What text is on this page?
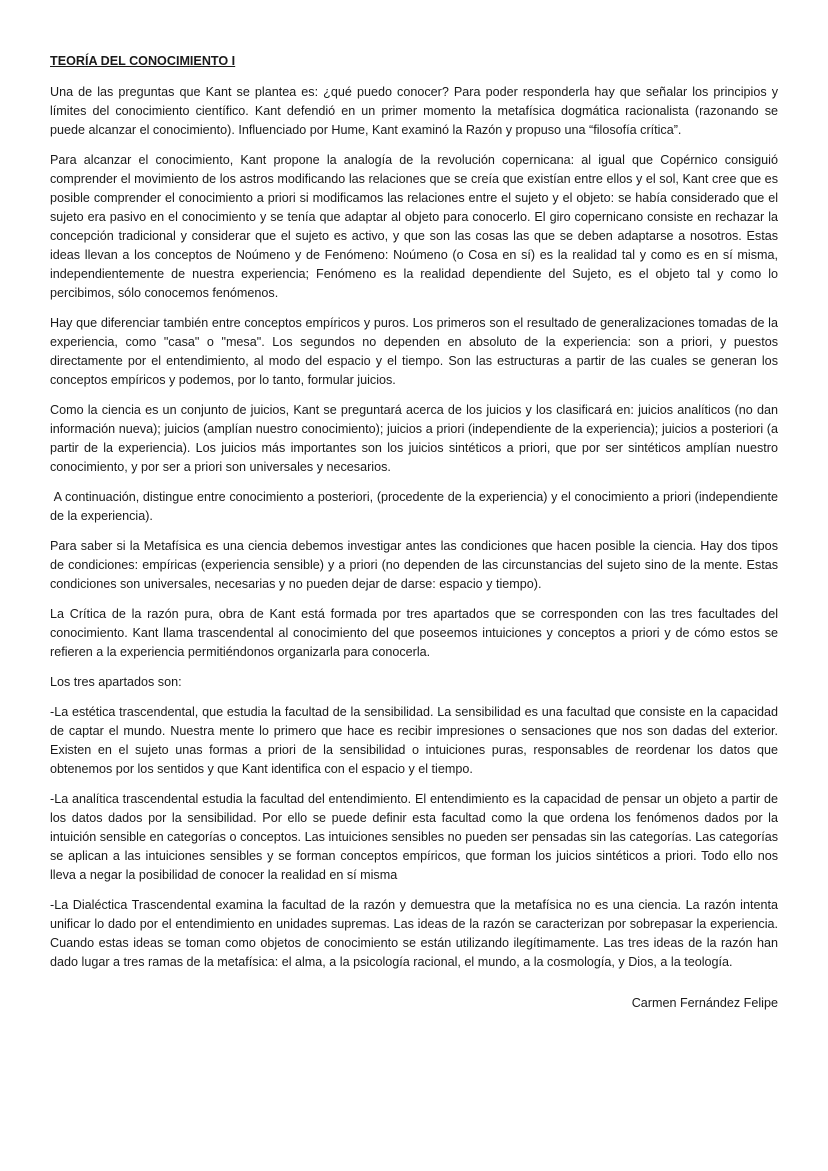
TEORÍA DEL CONOCIMIENTO I

Una de las preguntas que Kant se plantea es: ¿qué puedo conocer? Para poder responderla hay que señalar los principios y límites del conocimiento científico. Kant defendió en un primer momento la metafísica dogmática racionalista (razonando se puede alcanzar el conocimiento). Influenciado por Hume, Kant examinó la Razón y propuso una “filosofía crítica”.

Para alcanzar el conocimiento, Kant propone la analogía de la revolución copernicana: al igual que Copérnico consiguió comprender el movimiento de los astros modificando las relaciones que se creía que existían entre ellos y el sol, Kant cree que es posible comprender el conocimiento a priori si modificamos las relaciones entre el sujeto y el objeto: se había considerado que el sujeto era pasivo en el conocimiento y se tenía que adaptar al objeto para conocerlo. El giro copernicano consiste en rechazar la concepción tradicional y considerar que el sujeto es activo, y que son las cosas las que se deben adaptarse a nosotros. Estas ideas llevan a los conceptos de Noúmeno y de Fenómeno: Noúmeno (o Cosa en sí) es la realidad tal y como es en sí misma, independientemente de nuestra experiencia; Fenómeno es la realidad dependiente del Sujeto, es el objeto tal y como lo percibimos, sólo conocemos fenómenos.

Hay que diferenciar también entre conceptos empíricos y puros. Los primeros son el resultado de generalizaciones tomadas de la experiencia, como "casa" o "mesa". Los segundos no dependen en absoluto de la experiencia: son a priori, y puestos directamente por el entendimiento, al modo del espacio y el tiempo. Son las estructuras a partir de las cuales se generan los conceptos empíricos y podemos, por lo tanto, formular juicios.

Como la ciencia es un conjunto de juicios, Kant se preguntará acerca de los juicios y los clasificará en: juicios analíticos (no dan información nueva); juicios (amplían nuestro conocimiento); juicios a priori (independiente de la experiencia); juicios a posteriori (a partir de la experiencia). Los juicios más importantes son los juicios sintéticos a priori, que por ser sintéticos amplían nuestro conocimiento, y por ser a priori son universales y necesarios.

A continuación, distingue entre conocimiento a posteriori, (procedente de la experiencia) y el conocimiento a priori (independiente de la experiencia).

Para saber si la Metafísica es una ciencia debemos investigar antes las condiciones que hacen posible la ciencia. Hay dos tipos de condiciones: empíricas (experiencia sensible) y a priori (no dependen de las circunstancias del sujeto sino de la mente. Estas condiciones son universales, necesarias y no pueden dejar de darse: espacio y tiempo).

La Crítica de la razón pura, obra de Kant está formada por tres apartados que se corresponden con las tres facultades del conocimiento. Kant llama trascendental al conocimiento del que poseemos intuiciones y conceptos a priori y de cómo estos se refieren a la experiencia permitiéndonos organizarla para conocerla.

Los tres apartados son:

-La estética trascendental, que estudia la facultad de la sensibilidad. La sensibilidad es una facultad que consiste en la capacidad de captar el mundo. Nuestra mente lo primero que hace es recibir impresiones o sensaciones que nos son dadas del exterior. Existen en el sujeto unas formas a priori de la sensibilidad o intuiciones puras, responsables de reordenar los datos que obtenemos por los sentidos y que Kant identifica con el espacio y el tiempo.

-La analítica trascendental estudia la facultad del entendimiento. El entendimiento es la capacidad de pensar un objeto a partir de los datos dados por la sensibilidad. Por ello se puede definir esta facultad como la que ordena los fenómenos dados por la intuición sensible en categorías o conceptos. Las intuiciones sensibles no pueden ser pensadas sin las categorías. Las categorías se aplican a las intuiciones sensibles y se forman conceptos empíricos, que forman los juicios sintéticos a priori. Todo ello nos lleva a negar la posibilidad de conocer la realidad en sí misma

-La Dialéctica Trascendental examina la facultad de la razón y demuestra que la metafísica no es una ciencia. La razón intenta unificar lo dado por el entendimiento en unidades supremas. Las ideas de la razón se caracterizan por sobrepasar la experiencia. Cuando estas ideas se toman como objetos de conocimiento se están utilizando ilegítimamente. Las tres ideas de la razón han dado lugar a tres ramas de la metafísica: el alma, a la psicología racional, el mundo, a la cosmología, y Dios, a la teología.

Carmen Fernández Felipe
